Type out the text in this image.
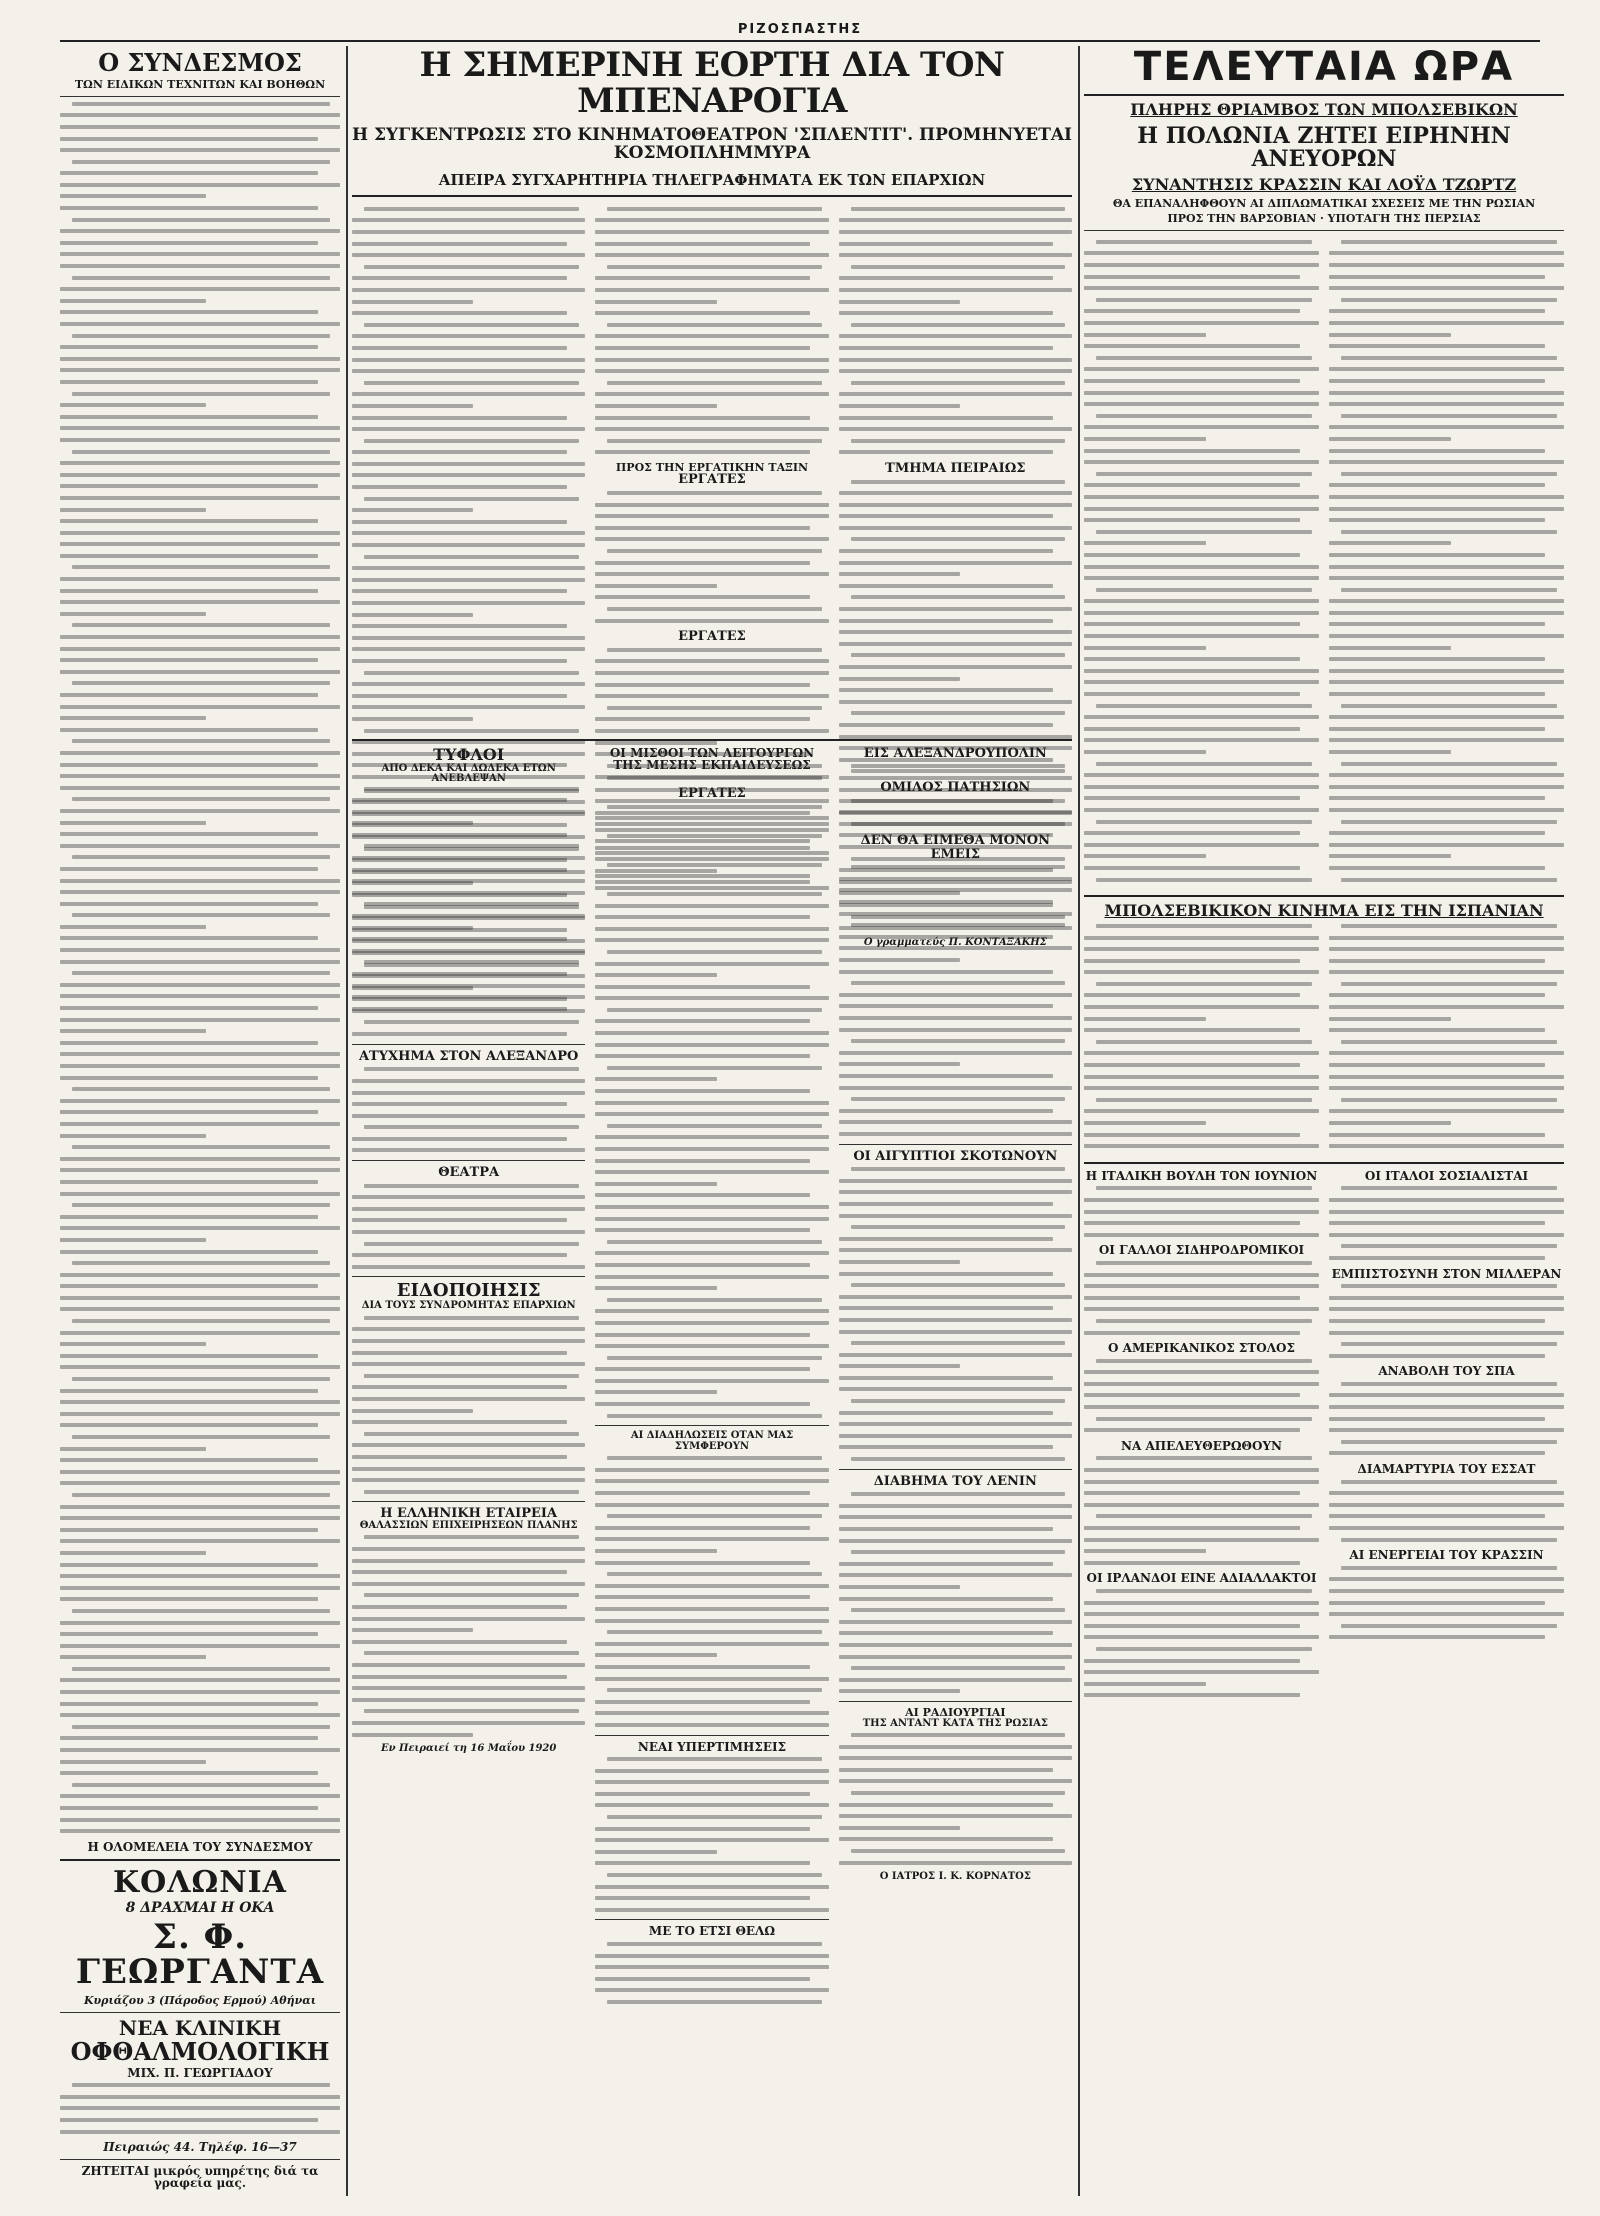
ΡΙΖΟΣΠΑΣΤΗΣ
Ο ΣΥΝΔΕΣΜΟΣ
ΤΩΝ ΕΙΔΙΚΩΝ ΤΕΧΝΙΤΩΝ ΚΑΙ ΒΟΗΘΩΝ
Η ΟΛΟΜΕΛΕΙΑ ΤΟΥ ΣΥΝΔΕΣΜΟΥ
ΚΟΛΩΝΙΑ
8 ΔΡΑΧΜΑΙ Η ΟΚΑ
Σ. Φ. ΓΕΩΡΓΑΝΤΑ
Κυριάζου 3 (Πάροδος Ερμού) Αθήναι
ΝΕΑ ΚΛΙΝΙΚΗ
ΟΦΘΑΛΜΟΛΟΓΙΚΗ
ΜΙΧ. Π. ΓΕΩΡΓΙΑΔΟΥ
Πειραιώς 44. Τηλέφ. 16—37
ΖΗΤΕΙΤΑΙ μικρός υπηρέτης διά τα γραφεία μας.
Η ΣΗΜΕΡΙΝΗ ΕΟΡΤΗ ΔΙΑ ΤΟΝ ΜΠΕΝΑΡΟΓΙΑ
Η ΣΥΓΚΕΝΤΡΩΣΙΣ ΣΤΟ ΚΙΝΗΜΑΤΟΘΕΑΤΡΟΝ 'ΣΠΛΕΝΤΙΤ'. ΠΡΟΜΗΝΥΕΤΑΙ ΚΟΣΜΟΠΛΗΜΜΥΡΑ
ΑΠΕΙΡΑ ΣΥΓΧΑΡΗΤΗΡΙΑ ΤΗΛΕΓΡΑΦΗΜΑΤΑ ΕΚ ΤΩΝ ΕΠΑΡΧΙΩΝ
ΠΡΟΣ ΤΗΝ ΕΡΓΑΤΙΚΗΝ ΤΑΞΙΝ
ΕΡΓΑΤΕΣ
ΕΡΓΑΤΕΣ
ΕΡΓΑΤΕΣ
ΤΜΗΜΑ ΠΕΙΡΑΙΩΣ
ΟΜΙΛΟΣ ΠΑΤΗΣΙΩΝ
Ο γραμματεύς Π. ΚΟΝΤΑΞΑΚΗΣ
ΤΥΦΛΟΙ
ΑΠΟ ΔΕΚΑ ΚΑΙ ΔΩΔΕΚΑ ΕΤΩΝ ΑΝΕΒΛΕΨΑΝ
ΑΤΥΧΗΜΑ ΣΤΟΝ ΑΛΕΞΑΝΔΡΟ
ΘΕΑΤΡΑ
ΕΙΔΟΠΟΙΗΣΙΣ
ΔΙΑ ΤΟΥΣ ΣΥΝΔΡΟΜΗΤΑΣ ΕΠΑΡΧΙΩΝ
Η ΕΛΛΗΝΙΚΗ ΕΤΑΙΡΕΙΑ
ΘΑΛΑΣΣΙΩΝ ΕΠΙΧΕΙΡΗΣΕΩΝ ΠΛΑΝΗΣ
Εν Πειραιεί τη 16 Μαΐου 1920
ΟΙ ΜΙΣΘΟΙ ΤΩΝ ΛΕΙΤΟΥΡΓΩΝ
ΤΗΣ ΜΕΣΗΣ ΕΚΠΑΙΔΕΥΣΕΩΣ
ΑΙ ΔΙΑΔΗΛΩΣΕΙΣ ΟΤΑΝ ΜΑΣ ΣΥΜΦΕΡΟΥΝ
ΝΕΑΙ ΥΠΕΡΤΙΜΗΣΕΙΣ
ΜΕ ΤΟ ΕΤΣΙ ΘΕΛΩ
ΕΙΣ ΑΛΕΞΑΝΔΡΟΥΠΟΛΙΝ
ΔΕΝ ΘΑ ΕΙΜΕΘΑ ΜΟΝΟΝ ΕΜΕΙΣ
ΟΙ ΑΙΓΥΠΤΙΟΙ ΣΚΟΤΩΝΟΥΝ
ΔΙΑΒΗΜΑ ΤΟΥ ΛΕΝΙΝ
ΑΙ ΡΑΔΙΟΥΡΓΙΑΙ
ΤΗΣ ΑΝΤΑΝΤ ΚΑΤΑ ΤΗΣ ΡΩΣΙΑΣ
Ο ΙΑΤΡΟΣ Ι. Κ. ΚΟΡΝΑΤΟΣ
ΤΕΛΕΥΤΑΙΑ ΩΡΑ
ΠΛΗΡΗΣ ΘΡΙΑΜΒΟΣ ΤΩΝ ΜΠΟΛΣΕΒΙΚΩΝ
Η ΠΟΛΩΝΙΑ ΖΗΤΕΙ ΕΙΡΗΝΗΝ ΑΝΕΥΟΡΩΝ
ΣΥΝΑΝΤΗΣΙΣ ΚΡΑΣΣΙΝ ΚΑΙ ΛΟΫΔ ΤΖΩΡΤΖ
ΘΑ ΕΠΑΝΑΛΗΦΘΟΥΝ ΑΙ ΔΙΠΛΩΜΑΤΙΚΑΙ ΣΧΕΣΕΙΣ ΜΕ ΤΗΝ ΡΩΣΙΑΝ
ΠΡΟΣ ΤΗΝ ΒΑΡΣΟΒΙΑΝ · ΥΠΟΤΑΓΗ ΤΗΣ ΠΕΡΣΙΑΣ
ΜΠΟΛΣΕΒΙΚΙΚΟΝ ΚΙΝΗΜΑ ΕΙΣ ΤΗΝ ΙΣΠΑΝΙΑΝ
Η ΙΤΑΛΙΚΗ ΒΟΥΛΗ ΤΟΝ ΙΟΥΝΙΟΝ
ΟΙ ΓΑΛΛΟΙ ΣΙΔΗΡΟΔΡΟΜΙΚΟΙ
Ο ΑΜΕΡΙΚΑΝΙΚΟΣ ΣΤΟΛΟΣ
ΝΑ ΑΠΕΛΕΥΘΕΡΩΘΟΥΝ
ΟΙ ΙΡΛΑΝΔΟΙ ΕΙΝΕ ΑΔΙΑΛΛΑΚΤΟΙ
ΟΙ ΙΤΑΛΟΙ ΣΟΣΙΑΛΙΣΤΑΙ
ΕΜΠΙΣΤΟΣΥΝΗ ΣΤΟΝ ΜΙΛΛΕΡΑΝ
ΑΝΑΒΟΛΗ ΤΟΥ ΣΠΑ
ΔΙΑΜΑΡΤΥΡΙΑ ΤΟΥ ΕΣΣΑΤ
ΑΙ ΕΝΕΡΓΕΙΑΙ ΤΟΥ ΚΡΑΣΣΙΝ
